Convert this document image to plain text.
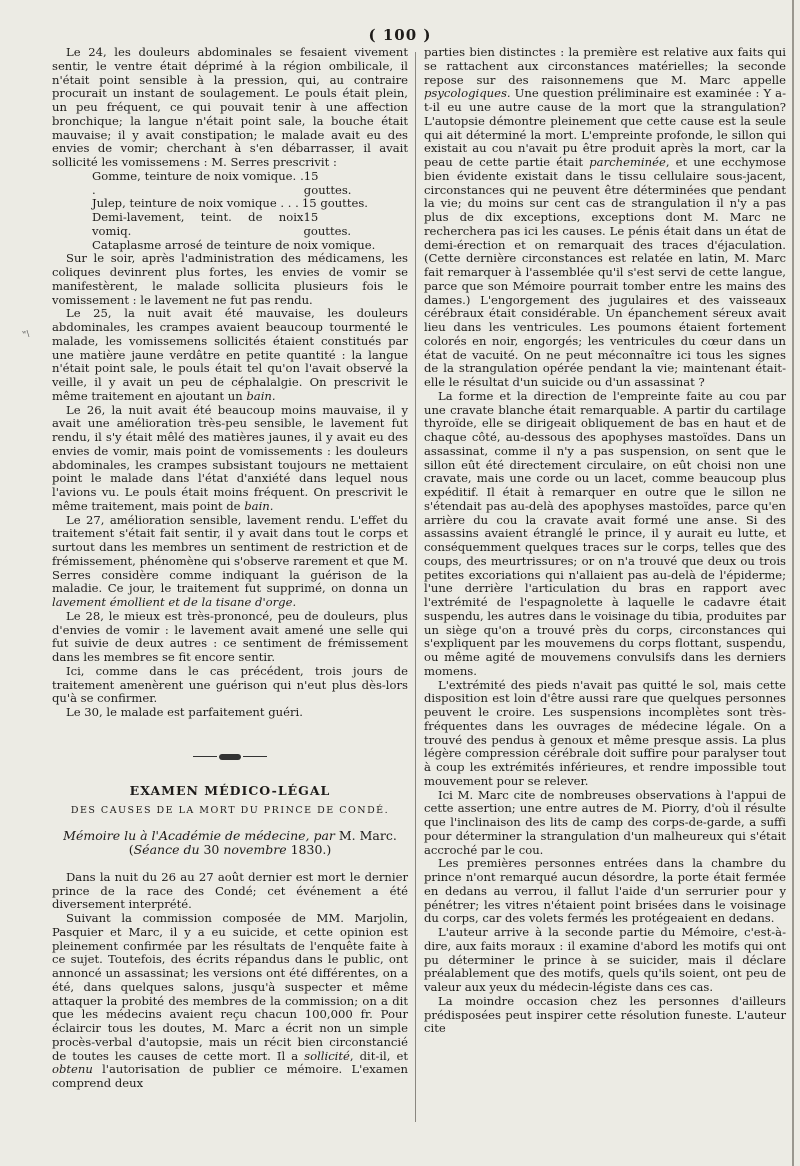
( 100 )
ʷ\

Le 24, les douleurs abdominales se fesaient vivement sentir, le ventre était déprimé à la région ombilicale, il n'était point sensible à la pression, qui, au contraire procurait un instant de soulagement. Le pouls était plein, un peu fréquent, ce qui pouvait tenir à une affection bronchique; la langue n'était point sale, la bouche était mauvaise; il y avait constipation; le malade avait eu des envies de vomir; cherchant à s'en débarrasser, il avait sollicité les vomissemens : M. Serres prescrivit :

Gomme, teinture de noix vomique. . .
15 gouttes.
Julep, teinture de noix vomique . . . 15 gouttes.
Demi-lavement, teint. de noix vomiq.
15 gouttes.
Cataplasme arrosé de teinture de noix vomique.

Sur le soir, après l'administration des médicamens, les coliques devinrent plus fortes, les envies de vomir se manifestèrent, le malade sollicita plusieurs fois le vomissement : le lavement ne fut pas rendu.

Le 25, la nuit avait été mauvaise, les douleurs abdominales, les crampes avaient beaucoup tourmenté le malade, les vomissemens sollicités étaient constitués par une matière jaune verdâtre en petite quantité : la langue n'était point sale, le pouls était tel qu'on l'avait observé la veille, il y avait un peu de céphalalgie. On prescrivit le même traitement en ajoutant un bain.

Le 26, la nuit avait été beaucoup moins mauvaise, il y avait une amélioration très-peu sensible, le lavement fut rendu, il s'y était mêlé des matières jaunes, il y avait eu des envies de vomir, mais point de vomissements : les douleurs abdominales, les crampes subsistant toujours ne mettaient point le malade dans l'état d'anxiété dans lequel nous l'avions vu. Le pouls était moins fréquent. On prescrivit le même traitement, mais point de bain.

Le 27, amélioration sensible, lavement rendu. L'effet du traitement s'était fait sentir, il y avait dans tout le corps et surtout dans les membres un sentiment de restriction et de frémissement, phénomène qui s'observe rarement et que M. Serres considère comme indiquant la guérison de la maladie. Ce jour, le traitement fut supprimé, on donna un lavement émollient et de la tisane d'orge.

Le 28, le mieux est très-prononcé, peu de douleurs, plus d'envies de vomir : le lavement avait amené une selle qui fut suivie de deux autres : ce sentiment de frémissement dans les membres se fit encore sentir.

Ici, comme dans le cas précédent, trois jours de traitement amenèrent une guérison qui n'eut plus dès-lors qu'à se confirmer.

Le 30, le malade est parfaitement guéri.

EXAMEN MÉDICO-LÉGAL
DES CAUSES DE LA MORT DU PRINCE DE CONDÉ.
Mémoire lu à l'Académie de médecine, par M. Marc.
(Séance du 30 novembre 1830.)

Dans la nuit du 26 au 27 août dernier est mort le dernier prince de la race des Condé; cet événement a été diversement interprété.

Suivant la commission composée de MM. Marjolin, Pasquier et Marc, il y a eu suicide, et cette opinion est pleinement confirmée par les résultats de l'enquête faite à ce sujet. Toutefois, des écrits répandus dans le public, ont annoncé un assassinat; les versions ont été différentes, on a été, dans quelques salons, jusqu'à suspecter et même attaquer la probité des membres de la commission; on a dit que les médecins avaient reçu chacun 100,000 fr. Pour éclaircir tous les doutes, M. Marc a écrit non un simple procès-verbal d'autopsie, mais un récit bien circonstancié de toutes les causes de cette mort. Il a sollicité, dit-il, et obtenu l'autorisation de publier ce mémoire. L'examen comprend deux

parties bien distinctes : la première est relative aux faits qui se rattachent aux circonstances matérielles; la seconde repose sur des raisonnemens que M. Marc appelle psycologiques. Une question préliminaire est examinée : Y a-t-il eu une autre cause de la mort que la strangulation? L'autopsie démontre pleinement que cette cause est la seule qui ait déterminé la mort. L'empreinte profonde, le sillon qui existait au cou n'avait pu être produit après la mort, car la peau de cette partie était parcheminée, et une ecchymose bien évidente existait dans le tissu cellulaire sous-jacent, circonstances qui ne peuvent être déterminées que pendant la vie; du moins sur cent cas de strangulation il n'y a pas plus de dix exceptions, exceptions dont M. Marc ne recherchera pas ici les causes. Le pénis était dans un état de demi-érection et on remarquait des traces d'éjaculation. (Cette dernière circonstances est relatée en latin, M. Marc fait remarquer à l'assemblée qu'il s'est servi de cette langue, parce que son Mémoire pourrait tomber entre les mains des dames.) L'engorgement des jugulaires et des vaisseaux cérébraux était considérable. Un épanchement séreux avait lieu dans les ventricules. Les poumons étaient fortement colorés en noir, engorgés; les ventricules du cœur dans un état de vacuité. On ne peut méconnaître ici tous les signes de la strangulation opérée pendant la vie; maintenant était-elle le résultat d'un suicide ou d'un assassinat ?

La forme et la direction de l'empreinte faite au cou par une cravate blanche était remarquable. A partir du cartilage thyroïde, elle se dirigeait obliquement de bas en haut et de chaque côté, au-dessous des apophyses mastoïdes. Dans un assassinat, comme il n'y a pas suspension, on sent que le sillon eût été directement circulaire, on eût choisi non une cravate, mais une corde ou un lacet, comme beaucoup plus expéditif. Il était à remarquer en outre que le sillon ne s'étendait pas au-delà des apophyses mastoïdes, parce qu'en arrière du cou la cravate avait formé une anse. Si des assassins avaient étranglé le prince, il y aurait eu lutte, et conséquemment quelques traces sur le corps, telles que des coups, des meurtrissures; or on n'a trouvé que deux ou trois petites excoriations qui n'allaient pas au-delà de l'épiderme; l'une derrière l'articulation du bras en rapport avec l'extrémité de l'espagnolette à laquelle le cadavre était suspendu, les autres dans le voisinage du tibia, produites par un siège qu'on a trouvé près du corps, circonstances qui s'expliquent par les mouvemens du corps flottant, suspendu, ou même agité de mouvemens convulsifs dans les derniers momens.

L'extrémité des pieds n'avait pas quitté le sol, mais cette disposition est loin d'être aussi rare que quelques personnes peuvent le croire. Les suspensions incomplètes sont très-fréquentes dans les ouvrages de médecine légale. On a trouvé des pendus à genoux et même presque assis. La plus légère compression cérébrale doit suffire pour paralyser tout à coup les extrémités inférieures, et rendre impossible tout mouvement pour se relever.

Ici M. Marc cite de nombreuses observations à l'appui de cette assertion; une entre autres de M. Piorry, d'où il résulte que l'inclinaison des lits de camp des corps-de-garde, a suffi pour déterminer la strangulation d'un malheureux qui s'était accroché par le cou.

Les premières personnes entrées dans la chambre du prince n'ont remarqué aucun désordre, la porte était fermée en dedans au verrou, il fallut l'aide d'un serrurier pour y pénétrer; les vitres n'étaient point brisées dans le voisinage du corps, car des volets fermés les protégeaient en dedans.

L'auteur arrive à la seconde partie du Mémoire, c'est-à-dire, aux faits moraux : il examine d'abord les motifs qui ont pu déterminer le prince à se suicider, mais il déclare préalablement que des motifs, quels qu'ils soient, ont peu de valeur aux yeux du médecin-légiste dans ces cas.

La moindre occasion chez les personnes d'ailleurs prédisposées peut inspirer cette résolution funeste. L'auteur cite
